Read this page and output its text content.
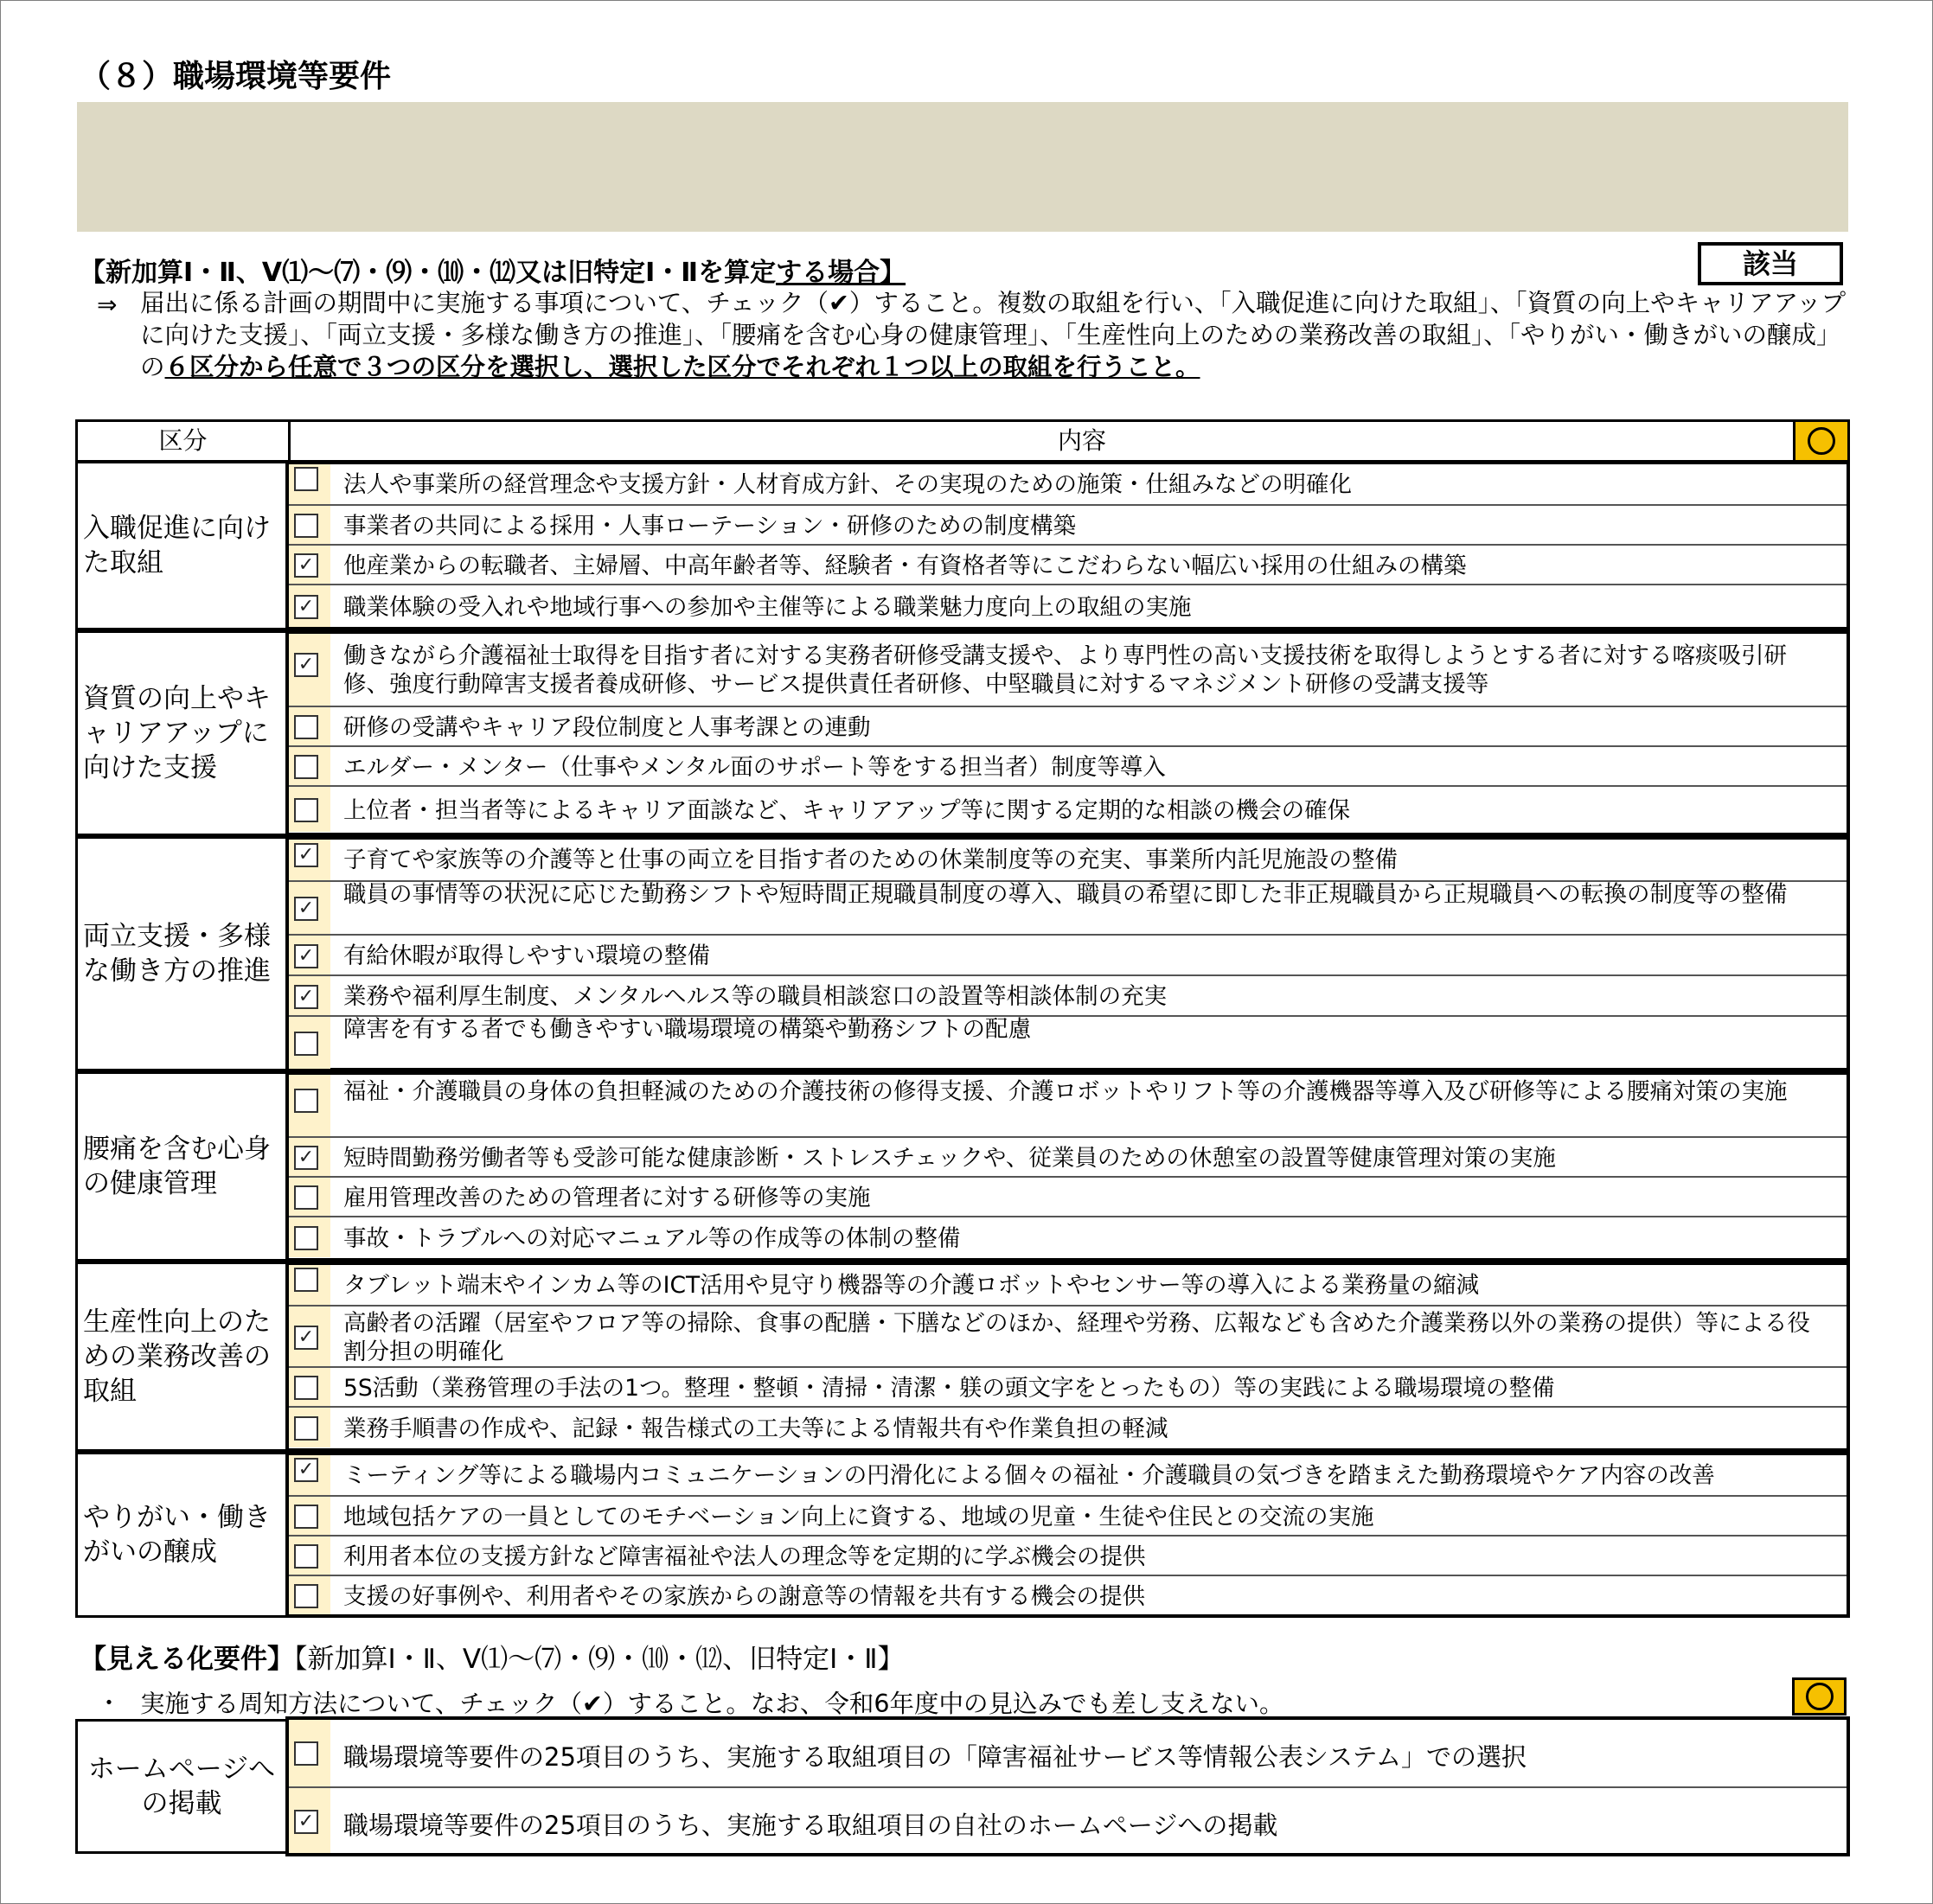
（８）職場環境等要件
【新加算Ⅰ・Ⅱ、Ⅴ⑴～⑺・⑼・⑽・⑿又は旧特定Ⅰ・Ⅱを算定する場合】	該当
⇒ 届出に係る計画の期間中に実施する事項について、チェック（✔）すること。複数の取組を行い、「入職促進に向けた取組」、「資質の向上やキャリアアップに向けた支援」、「両立支援・多様な働き方の推進」、「腰痛を含む心身の健康管理」、「生産性向上のための業務改善の取組」、「やりがい・働きがいの醸成」の６区分から任意で３つの区分を選択し、選択した区分でそれぞれ１つ以上の取組を行うこと。
区分	内容
入職促進に向けた取組
法人や事業所の経営理念や支援方針・人材育成方針、その実現のための施策・仕組みなどの明確化
事業者の共同による採用・人事ローテーション・研修のための制度構築
✓ 他産業からの転職者、主婦層、中高年齢者等、経験者・有資格者等にこだわらない幅広い採用の仕組みの構築
✓ 職業体験の受入れや地域行事への参加や主催等による職業魅力度向上の取組の実施
資質の向上やキャリアアップに向けた支援
✓ 働きながら介護福祉士取得を目指す者に対する実務者研修受講支援や、より専門性の高い支援技術を取得しようとする者に対する喀痰吸引研修、強度行動障害支援者養成研修、サービス提供責任者研修、中堅職員に対するマネジメント研修の受講支援等
研修の受講やキャリア段位制度と人事考課との連動
エルダー・メンター（仕事やメンタル面のサポート等をする担当者）制度等導入
上位者・担当者等によるキャリア面談など、キャリアアップ等に関する定期的な相談の機会の確保
両立支援・多様な働き方の推進
✓ 子育てや家族等の介護等と仕事の両立を目指す者のための休業制度等の充実、事業所内託児施設の整備
✓
職員の事情等の状況に応じた勤務シフトや短時間正規職員制度の導入、職員の希望に即した非正規職員から正規職員への転換の制度等の整備
✓ 有給休暇が取得しやすい環境の整備
✓ 業務や福利厚生制度、メンタルヘルス等の職員相談窓口の設置等相談体制の充実
障害を有する者でも働きやすい職場環境の構築や勤務シフトの配慮
腰痛を含む心身の健康管理
福祉・介護職員の身体の負担軽減のための介護技術の修得支援、介護ロボットやリフト等の介護機器等導入及び研修等による腰痛対策の実施
✓ 短時間勤務労働者等も受診可能な健康診断・ストレスチェックや、従業員のための休憩室の設置等健康管理対策の実施
雇用管理改善のための管理者に対する研修等の実施
事故・トラブルへの対応マニュアル等の作成等の体制の整備
生産性向上のための業務改善の取組
タブレット端末やインカム等のICT活用や見守り機器等の介護ロボットやセンサー等の導入による業務量の縮減
✓
高齢者の活躍（居室やフロア等の掃除、食事の配膳・下膳などのほか、経理や労務、広報なども含めた介護業務以外の業務の提供）等による役割分担の明確化
5S活動（業務管理の手法の1つ。整理・整頓・清掃・清潔・躾の頭文字をとったもの）等の実践による職場環境の整備
業務手順書の作成や、記録・報告様式の工夫等による情報共有や作業負担の軽減
やりがい・働きがいの醸成
✓ ミーティング等による職場内コミュニケーションの円滑化による個々の福祉・介護職員の気づきを踏まえた勤務環境やケア内容の改善
地域包括ケアの一員としてのモチベーション向上に資する、地域の児童・生徒や住民との交流の実施
利用者本位の支援方針など障害福祉や法人の理念等を定期的に学ぶ機会の提供
支援の好事例や、利用者やその家族からの謝意等の情報を共有する機会の提供
【見える化要件】【新加算Ⅰ・Ⅱ、Ⅴ⑴～⑺・⑼・⑽・⑿、旧特定Ⅰ・Ⅱ】
・ 実施する周知方法について、チェック（✔）すること。なお、令和6年度中の見込みでも差し支えない。
ホームページへの掲載
職場環境等要件の25項目のうち、実施する取組項目の「障害福祉サービス等情報公表システム」での選択
✓ 職場環境等要件の25項目のうち、実施する取組項目の自社のホームページへの掲載
